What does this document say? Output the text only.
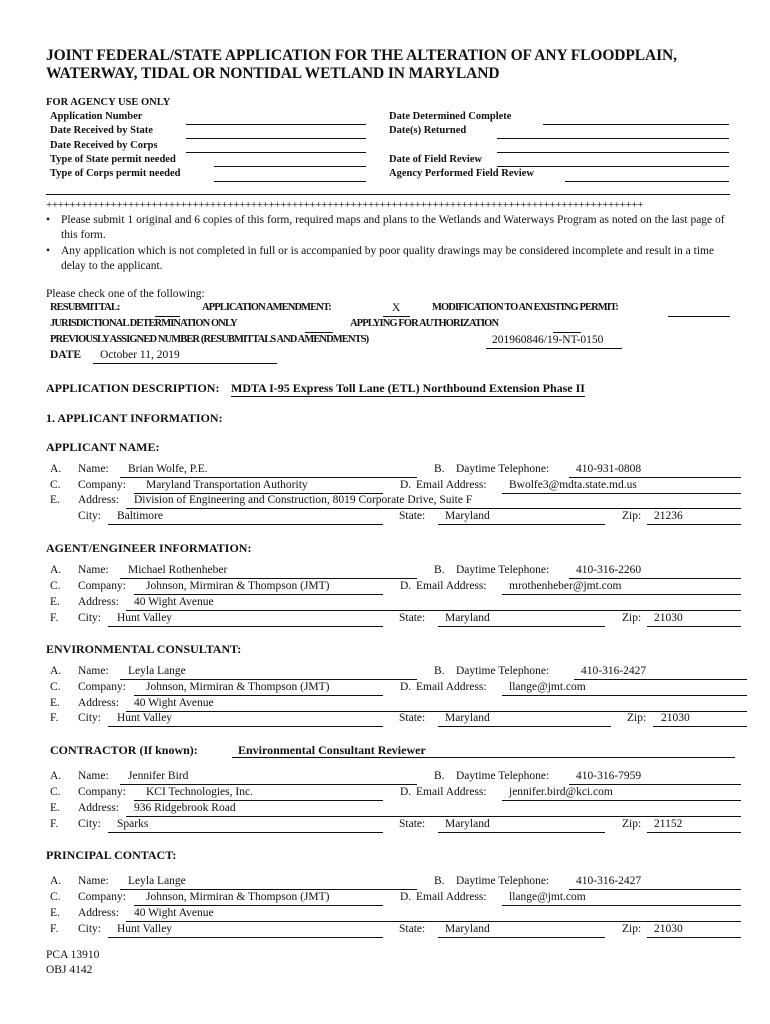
JOINT FEDERAL/STATE APPLICATION FOR THE ALTERATION OF ANY FLOODPLAIN,
WATERWAY, TIDAL OR NONTIDAL WETLAND IN MARYLAND
FOR AGENCY USE ONLY
Application Number
Date Received by State
Date Received by Corps
Type of State permit needed
Type of Corps permit needed
Date Determined Complete
Date(s) Returned
Date of Field Review
Agency Performed Field Review
++++++++++++++++++++++++++++++++++++++++++++++++++++++++++++++++++++++++++++++++++++++++++++++++++++++
• Please submit 1 original and 6 copies of this form, required maps and plans to the Wetlands and Waterways Program as noted on the last page of this form.
• Any application which is not completed in full or is accompanied by poor quality drawings may be considered incomplete and result in a time delay to the applicant.
Please check one of the following:
RESUBMITTAL:	APPLICATION AMENDMENT:	X	MODIFICATION TO AN EXISTING PERMIT:
JURISDICTIONAL DETERMINATION ONLY	APPLYING FOR AUTHORIZATION
PREVIOUSLY ASSIGNED NUMBER (RESUBMITTALS AND AMENDMENTS)	201960846/19-NT-0150
DATE October 11, 2019
APPLICATION DESCRIPTION: MDTA I-95 Express Toll Lane (ETL) Northbound Extension Phase II
1. APPLICANT INFORMATION:
APPLICANT NAME:
A. Name: Brian Wolfe, P.E.	B. Daytime Telephone: 410-931-0808
C. Company: Maryland Transportation Authority	D. Email Address: Bwolfe3@mdta.state.md.us
E. Address: Division of Engineering and Construction, 8019 Corporate Drive, Suite F
City: Baltimore	State: Maryland	Zip: 21236
AGENT/ENGINEER INFORMATION:
A. Name: Michael Rothenheber	B. Daytime Telephone: 410-316-2260
C. Company: Johnson, Mirmiran & Thompson (JMT)	D. Email Address: mrothenheber@jmt.com
E. Address: 40 Wight Avenue
F. City: Hunt Valley	State: Maryland	Zip: 21030
ENVIRONMENTAL CONSULTANT:
A. Name: Leyla Lange	B. Daytime Telephone:	410-316-2427
C. Company: Johnson, Mirmiran & Thompson (JMT)	D. Email Address: llange@jmt.com
E. Address: 40 Wight Avenue
F. City: Hunt Valley	State: Maryland	Zip: 21030
CONTRACTOR (If known):	Environmental Consultant Reviewer
A. Name: Jennifer Bird	B. Daytime Telephone: 410-316-7959
C. Company: KCI Technologies, Inc.	D. Email Address: jennifer.bird@kci.com
E. Address: 936 Ridgebrook Road
F. City: Sparks	State: Maryland	Zip: 21152
PRINCIPAL CONTACT:
A. Name: Leyla Lange	B. Daytime Telephone: 410-316-2427
C. Company: Johnson, Mirmiran & Thompson (JMT)	D. Email Address: llange@jmt.com
E. Address: 40 Wight Avenue
F. City: Hunt Valley	State: Maryland	Zip: 21030
PCA 13910
OBJ 4142
